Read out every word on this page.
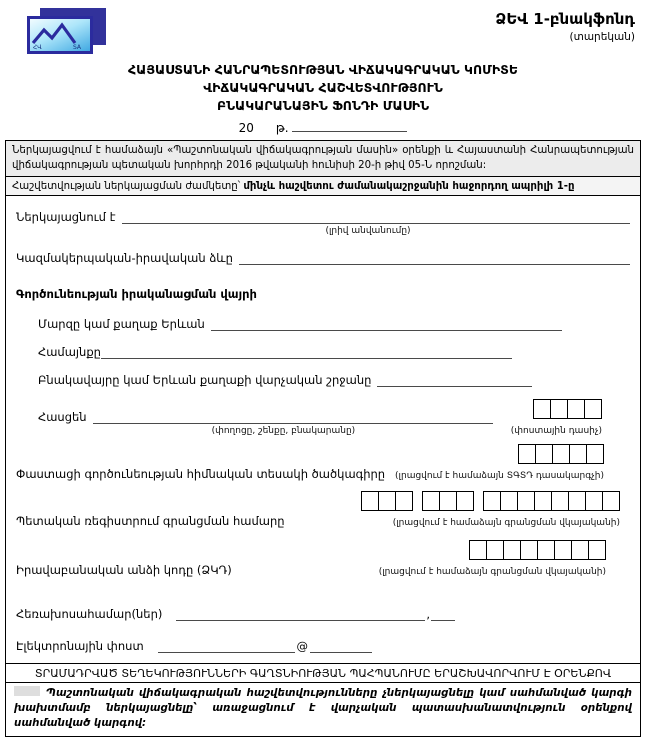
ՀՎ	SA
ՁԵՎ 1-բնակֆոնդ
(տարեկան)
ՀԱՅԱՍՏԱՆԻ ՀԱՆՐԱՊԵՏՈՒԹՅԱՆ ՎԻՃԱԿԱԳՐԱԿԱՆ ԿՈՄԻՏԵ
ՎԻՃԱԿԱԳՐԱԿԱՆ ՀԱՇՎԵՏՎՈՒԹՅՈՒՆ
ԲՆԱԿԱՐԱՆԱՅԻՆ ՖՈՆԴԻ ՄԱՍԻՆ
20 թ.
Ներկայացվում է համաձայն «Պաշտոնական վիճակագրության մասին» օրենքի և Հայաստանի Հանրապետության վիճակագրության պետական խորհրդի 2016 թվականի հունիսի 20-ի թիվ 05-Ն որոշման:
Հաշվետվության ներկայացման ժամկետը՝ մինչև հաշվետու ժամանակաշրջանին հաջորդող ապրիլի 1-ը
Ներկայացնում է
(լրիվ անվանումը)
Կազմակերպական-իրավական ձևը
Գործունեության իրականացման վայրի
Մարզը կամ քաղաք Երևան
Համայնքը
Բնակավայրը կամ Երևան քաղաքի վարչական շրջանը
Հասցեն
(փողոցը, շենքը, բնակարանը)	(փոստային դասիչ)
Փաստացի գործունեության հիմնական տեսակի ծածկագիրը (լրացվում է համաձայն ՏԳՏԴ դասակարգչի)
Պետական ռեգիստրում գրանցման համարը	(լրացվում է համաձայն գրանցման վկայականի)
Իրավաբանական անձի կոդը (ՁԿԴ)	(լրացվում է համաձայն գրանցման վկայականի)
Հեռախոսահամար(ներ)	,
Էլեկտրոնային փոստ	@
ՏՐԱՄԱԴՐՎԱԾ ՏԵՂԵԿՈՒԹՅՈՒՆՆԵՐԻ ԳԱՂՏՆԻՈՒԹՅԱՆ ՊԱՀՊԱՆՈՒՄԸ ԵՐԱՇԽԱՎՈՐՎՈՒՄ Է ՕՐԵՆՔՈՎ
Պաշտոնական վիճակագրական հաշվետվությունները չներկայացնելը կամ սահմանված կարգի խախտմամբ ներկայացնելը՝ առաջացնում է վարչական պատասխանատվություն օրենքով սահմանված կարգով:
